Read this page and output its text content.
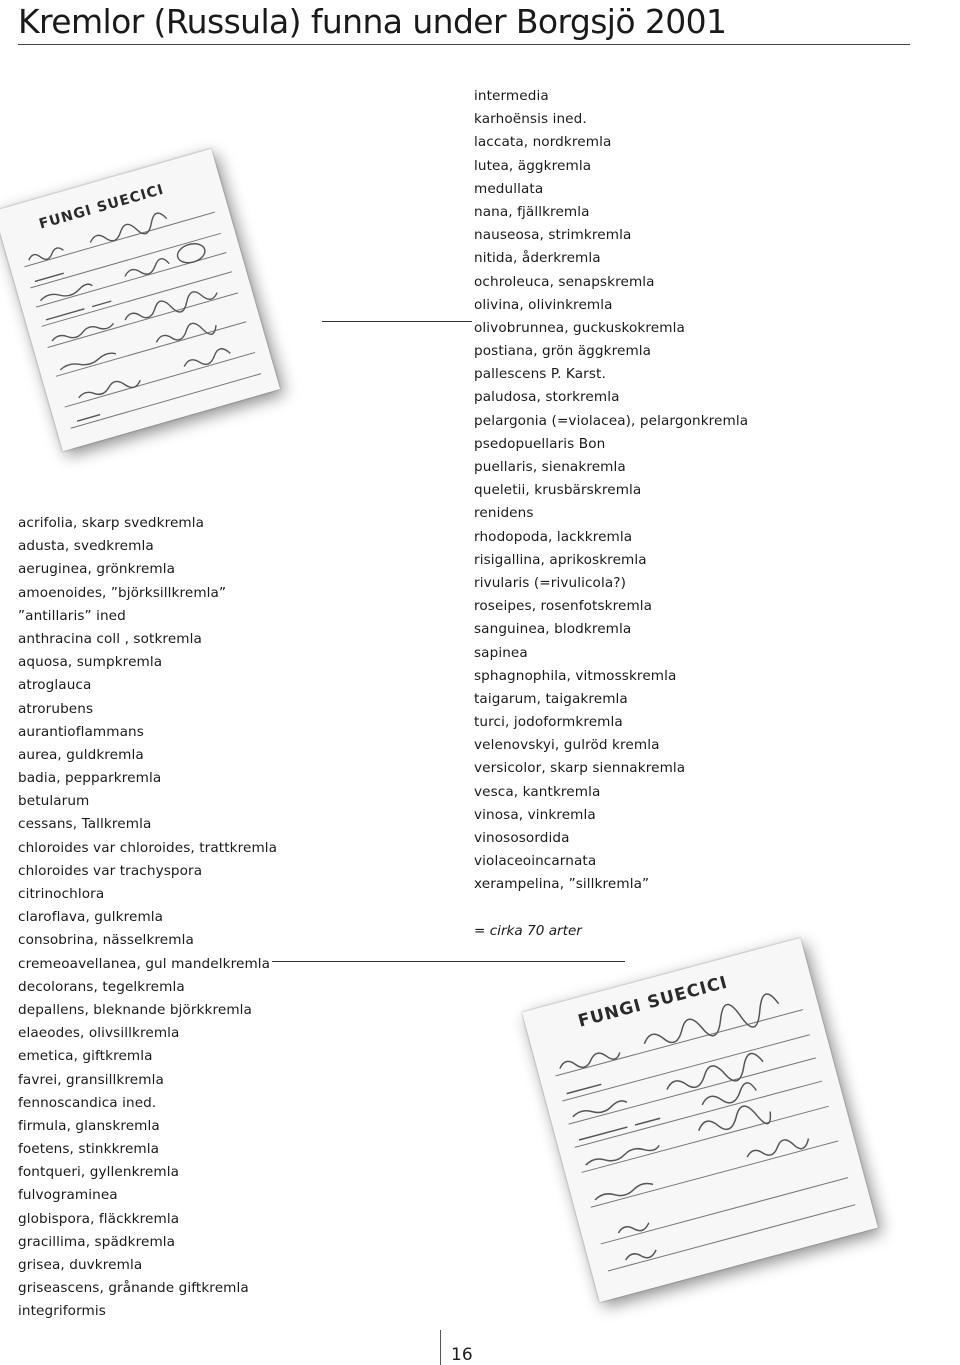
Kremlor (Russula) funna under Borgsjö 2001
FUNGI SUECICI
FUNGI SUECICI
acrifolia, skarp svedkremla
adusta, svedkremla
aeruginea, grönkremla
amoenoides, ”björksillkremla”
”antillaris” ined
anthracina coll , sotkremla
aquosa, sumpkremla
atroglauca
atrorubens
aurantioflammans
aurea, guldkremla
badia, pepparkremla
betularum
cessans, Tallkremla
chloroides var chloroides, trattkremla
chloroides var trachyspora
citrinochlora
claroflava, gulkremla
consobrina, nässelkremla
cremeoavellanea, gul mandelkremla
decolorans, tegelkremla
depallens, bleknande björkkremla
elaeodes, olivsillkremla
emetica, giftkremla
favrei, gransillkremla
fennoscandica ined.
firmula, glanskremla
foetens, stinkkremla
fontqueri, gyllenkremla
fulvograminea
globispora, fläckkremla
gracillima, spädkremla
grisea, duvkremla
griseascens, grånande giftkremla
integriformis
intermedia
karhoënsis ined.
laccata, nordkremla
lutea, äggkremla
medullata
nana, fjällkremla
nauseosa, strimkremla
nitida, åderkremla
ochroleuca, senapskremla
olivina, olivinkremla
olivobrunnea, guckuskokremla
postiana, grön äggkremla
pallescens P. Karst.
paludosa, storkremla
pelargonia (=violacea), pelargonkremla
psedopuellaris Bon
puellaris, sienakremla
queletii, krusbärskremla
renidens
rhodopoda, lackkremla
risigallina, aprikoskremla
rivularis (=rivulicola?)
roseipes, rosenfotskremla
sanguinea, blodkremla
sapinea
sphagnophila, vitmosskremla
taigarum, taigakremla
turci, jodoformkremla
velenovskyi, gulröd kremla
versicolor, skarp siennakremla
vesca, kantkremla
vinosa, vinkremla
vinososordida
violaceoincarnata
xerampelina, ”sillkremla”
= cirka 70 arter
16
